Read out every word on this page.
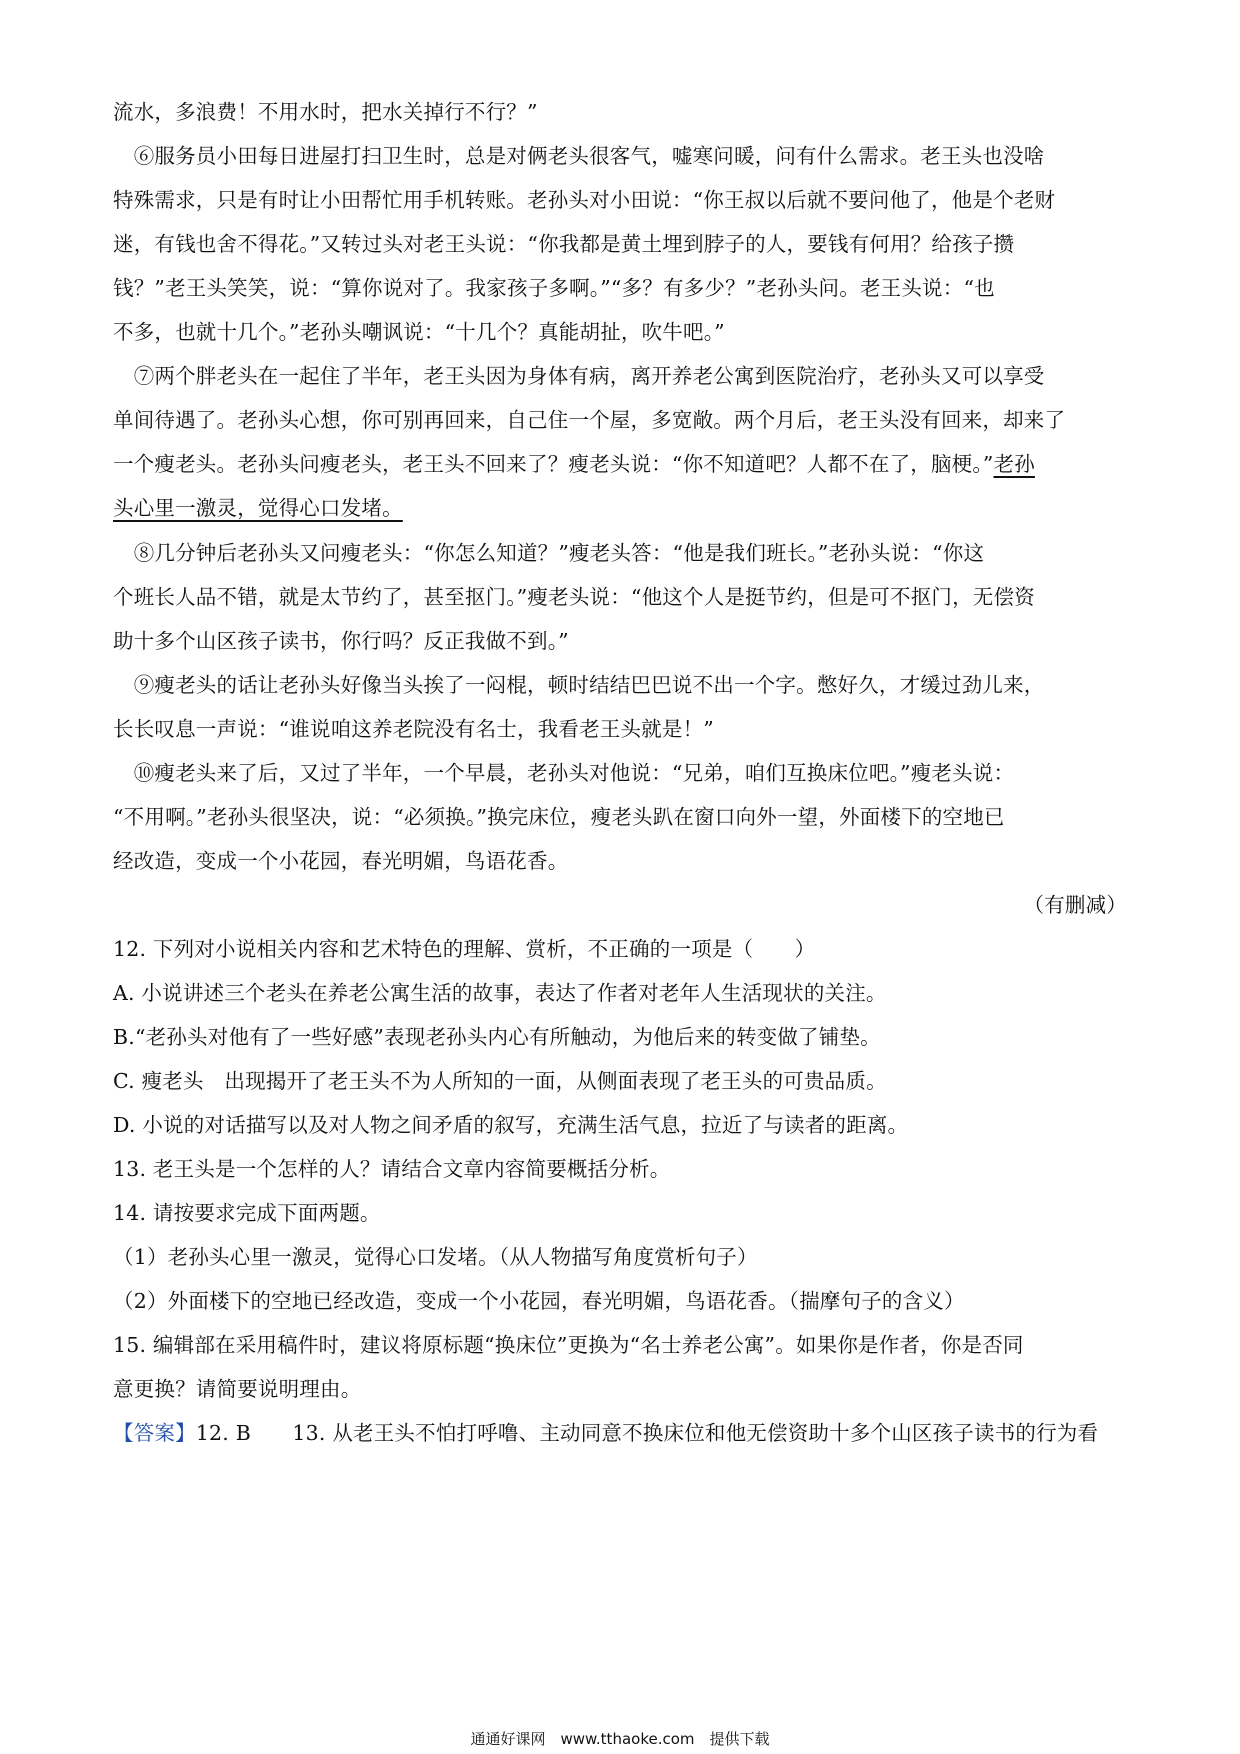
流水，多浪费！不用水时，把水关掉行不行？”
　⑥服务员小田每日进屋打扫卫生时，总是对俩老头很客气，嘘寒问暖，问有什么需求。老王头也没啥
特殊需求，只是有时让小田帮忙用手机转账。老孙头对小田说：“你王叔以后就不要问他了，他是个老财
迷，有钱也舍不得花。”又转过头对老王头说：“你我都是黄土埋到脖子的人，要钱有何用？给孩子攒
钱？”老王头笑笑，说：“算你说对了。我家孩子多啊。”“多？有多少？”老孙头问。老王头说：“也
不多，也就十几个。”老孙头嘲讽说：“十几个？真能胡扯，吹牛吧。”
　⑦两个胖老头在一起住了半年，老王头因为身体有病，离开养老公寓到医院治疗，老孙头又可以享受
单间待遇了。老孙头心想，你可别再回来，自己住一个屋，多宽敞。两个月后，老王头没有回来，却来了
一个瘦老头。老孙头问瘦老头，老王头不回来了？瘦老头说：“你不知道吧？人都不在了，脑梗。”老孙
头心里一激灵，觉得心口发堵。
　⑧几分钟后老孙头又问瘦老头：“你怎么知道？”瘦老头答：“他是我们班长。”老孙头说：“你这
个班长人品不错，就是太节约了，甚至抠门。”瘦老头说：“他这个人是挺节约，但是可不抠门，无偿资
助十多个山区孩子读书，你行吗？反正我做不到。”
　⑨瘦老头的话让老孙头好像当头挨了一闷棍，顿时结结巴巴说不出一个字。憋好久，才缓过劲儿来，
长长叹息一声说：“谁说咱这养老院没有名士，我看老王头就是！”
　⑩瘦老头来了后，又过了半年，一个早晨，老孙头对他说：“兄弟，咱们互换床位吧。”瘦老头说：
“不用啊。”老孙头很坚决，说：“必须换。”换完床位，瘦老头趴在窗口向外一望，外面楼下的空地已
经改造，变成一个小花园，春光明媚，鸟语花香。
（有删减）
12. 下列对小说相关内容和艺术特色的理解、赏析，不正确的一项是（　　）
A. 小说讲述三个老头在养老公寓生活的故事，表达了作者对老年人生活现状的关注。
B.“老孙头对他有了一些好感”表现老孙头内心有所触动，为他后来的转变做了铺垫。
C. 瘦老头　出现揭开了老王头不为人所知的一面，从侧面表现了老王头的可贵品质。
D. 小说的对话描写以及对人物之间矛盾的叙写，充满生活气息，拉近了与读者的距离。
13. 老王头是一个怎样的人？请结合文章内容简要概括分析。
14. 请按要求完成下面两题。
（1）老孙头心里一激灵，觉得心口发堵。（从人物描写角度赏析句子）
（2）外面楼下的空地已经改造，变成一个小花园，春光明媚，鸟语花香。（揣摩句子的含义）
15. 编辑部在采用稿件时，建议将原标题“换床位”更换为“名士养老公寓”。如果你是作者，你是否同
意更换？请简要说明理由。
【答案】12. B　　13. 从老王头不怕打呼噜、主动同意不换床位和他无偿资助十多个山区孩子读书的行为看
通通好课网　www.tthaoke.com　提供下载
